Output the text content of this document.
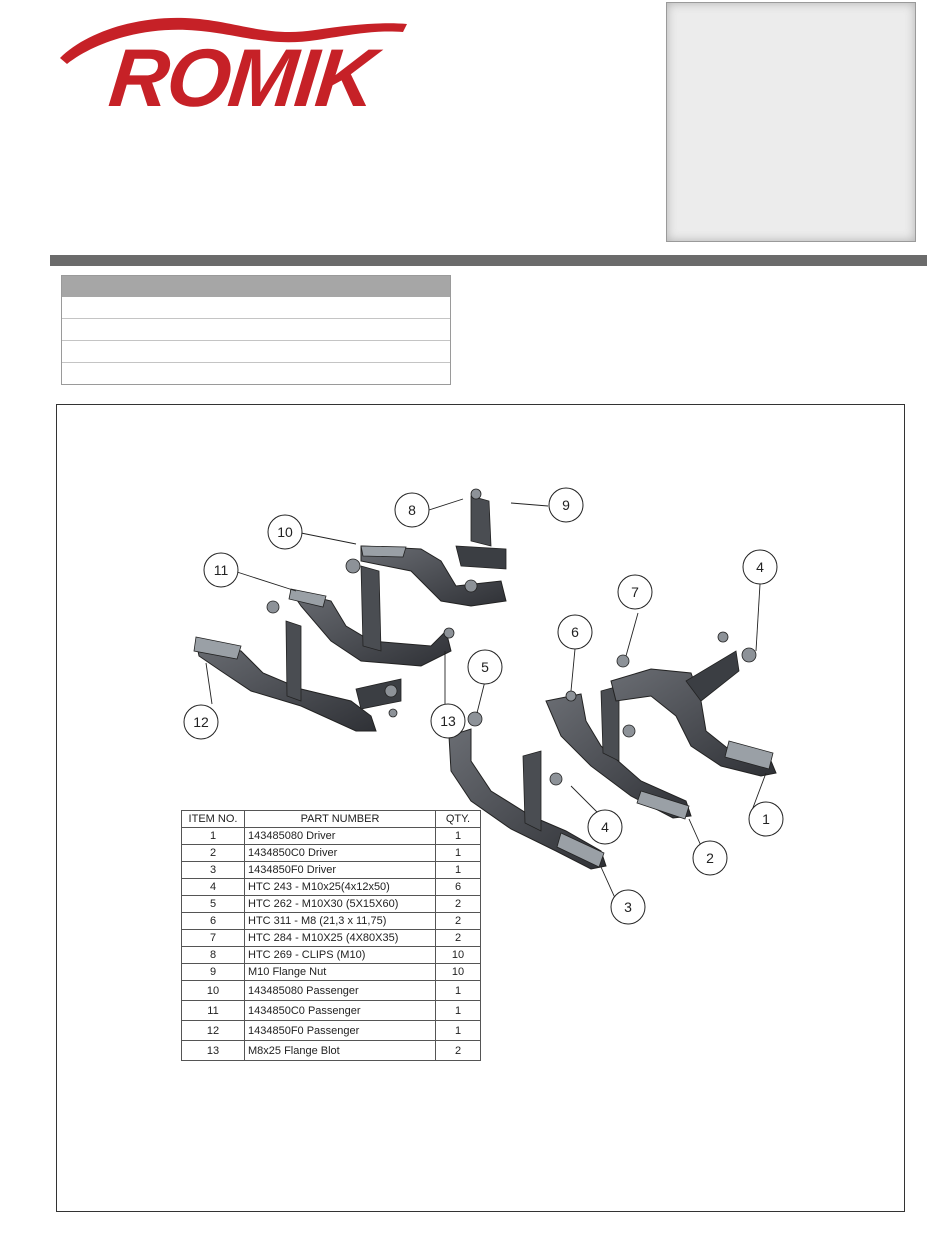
ROMIK
1
2
3
4
4
5
6
7
8	9
10
11
12	13
ITEM NO.	PART NUMBER	QTY.
1	143485080 Driver	1
2	1434850C0 Driver	1
3	1434850F0 Driver	1
4	HTC 243 - M10x25(4x12x50)	6
5	HTC 262 - M10X30 (5X15X60)	2
6	HTC 311 - M8 (21,3 x 11,75)	2
7	HTC 284 - M10X25 (4X80X35)	2
8	HTC 269 - CLIPS (M10)	10
9	M10 Flange Nut	10
10	143485080 Passenger	1
11	1434850C0 Passenger	1
12	1434850F0 Passenger	1
13	M8x25 Flange Blot	2
